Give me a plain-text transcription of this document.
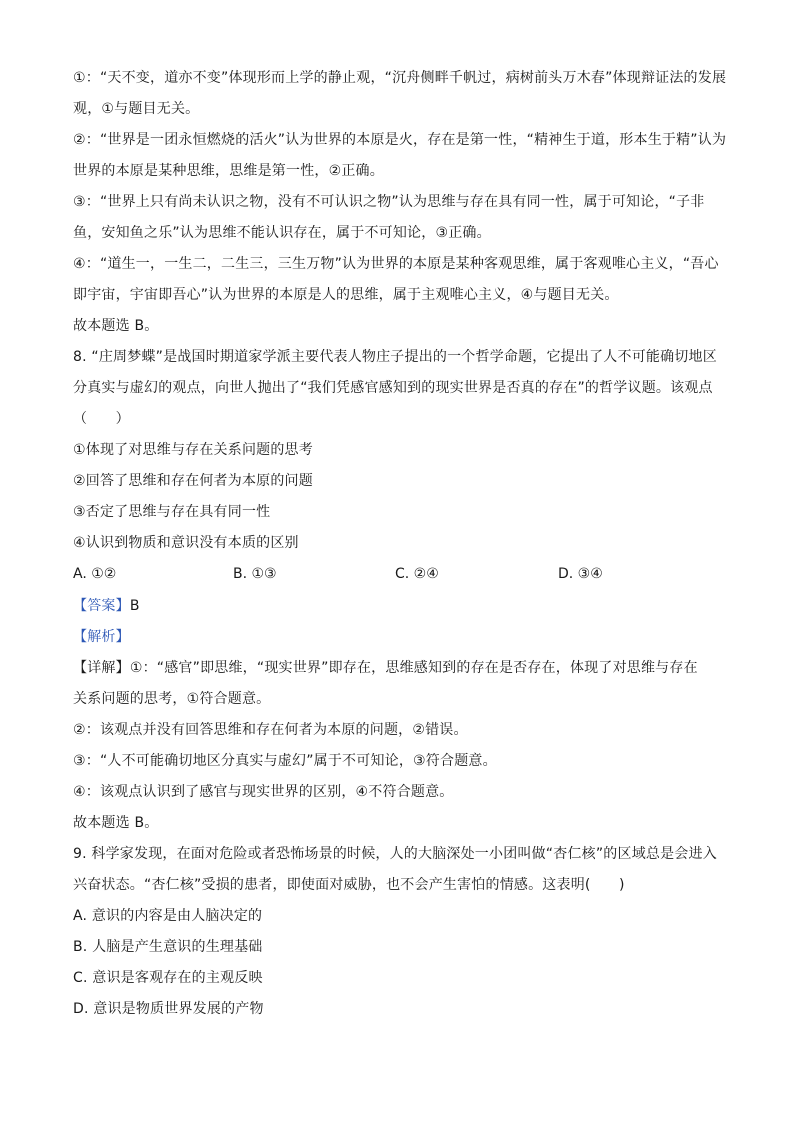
①：“天不变，道亦不变”体现形而上学的静止观，“沉舟侧畔千帆过，病树前头万木春”体现辩证法的发展
观，①与题目无关。
②：“世界是一团永恒燃烧的活火”认为世界的本原是火，存在是第一性，“精神生于道，形本生于精”认为
世界的本原是某种思维，思维是第一性，②正确。
③：“世界上只有尚未认识之物，没有不可认识之物”认为思维与存在具有同一性，属于可知论，“子非
鱼，安知鱼之乐”认为思维不能认识存在，属于不可知论，③正确。
④：“道生一，一生二，二生三，三生万物”认为世界的本原是某种客观思维，属于客观唯心主义，“吾心
即宇宙，宇宙即吾心”认为世界的本原是人的思维，属于主观唯心主义，④与题目无关。
故本题选 B。
8. “庄周梦蝶”是战国时期道家学派主要代表人物庄子提出的一个哲学命题，它提出了人不可能确切地区
分真实与虚幻的观点，向世人抛出了“我们凭感官感知到的现实世界是否真的存在”的哲学议题。该观点
（　　）
①体现了对思维与存在关系问题的思考
②回答了思维和存在何者为本原的问题
③否定了思维与存在具有同一性
④认识到物质和意识没有本质的区别
A. ①②	B. ①③	C. ②④	D. ③④
【答案】B
【解析】
【详解】①：“感官”即思维，“现实世界”即存在，思维感知到的存在是否存在，体现了对思维与存在
关系问题的思考，①符合题意。
②：该观点并没有回答思维和存在何者为本原的问题，②错误。
③：“人不可能确切地区分真实与虚幻”属于不可知论，③符合题意。
④：该观点认识到了感官与现实世界的区别，④不符合题意。
故本题选 B。
9. 科学家发现，在面对危险或者恐怖场景的时候，人的大脑深处一小团叫做“杏仁核”的区域总是会进入
兴奋状态。“杏仁核”受损的患者，即使面对威胁，也不会产生害怕的情感。这表明(　　)
A. 意识的内容是由人脑决定的
B. 人脑是产生意识的生理基础
C. 意识是客观存在的主观反映
D. 意识是物质世界发展的产物
